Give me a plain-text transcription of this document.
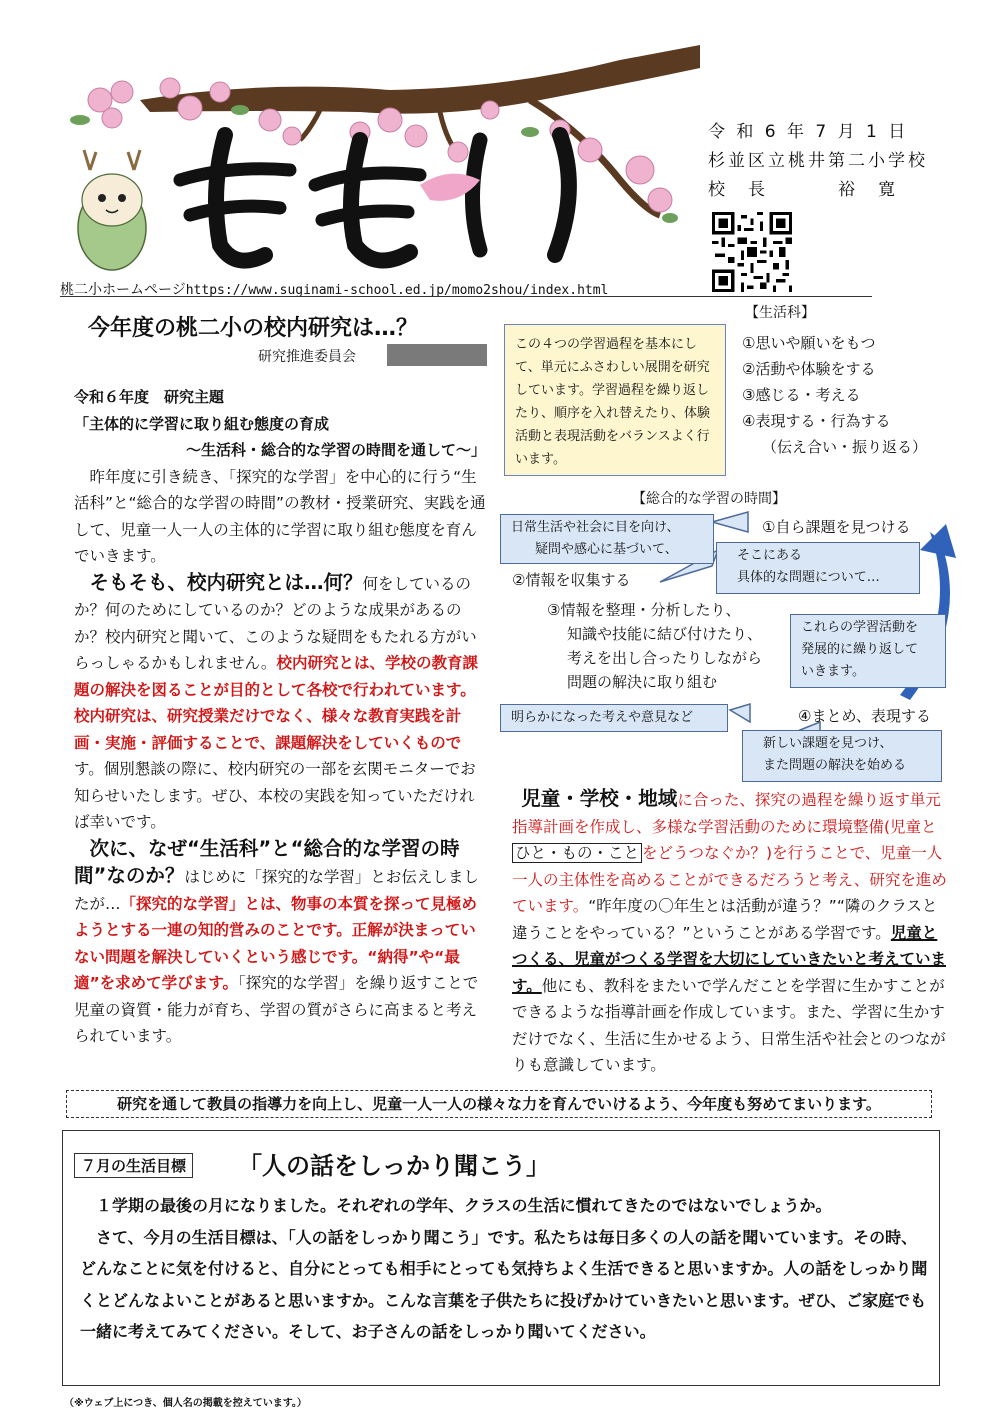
令 和 6 年 7 月 1 日
杉並区立桃井第二小学校
校　長	裕　寛
桃二小ホームページhttps://www.suginami-school.ed.jp/momo2shou/index.html
今年度の桃二小の校内研究は…？
研究推進委員会

令和６年度　研究主題

「主体的に学習に取り組む態度の育成

～生活科・総合的な学習の時間を通して～」

昨年度に引き続き、「探究的な学習」を中心的に行う“生活科”と“総合的な学習の時間”の教材・授業研究、実践を通して、児童一人一人の主体的に学習に取り組む態度を育んでいきます。

そもそも、校内研究とは…何？何をしているのか？何のためにしているのか？どのような成果があるのか？校内研究と聞いて、このような疑問をもたれる方がいらっしゃるかもしれません。校内研究とは、学校の教育課題の解決を図ることが目的として各校で行われています。校内研究は、研究授業だけでなく、様々な教育実践を計画・実施・評価することで、課題解決をしていくものです。個別懇談の際に、校内研究の一部を玄関モニターでお知らせいたします。ぜひ、本校の実践を知っていただければ幸いです。

次に、なぜ“生活科”と“総合的な学習の時間”なのか？はじめに「探究的な学習」とお伝えしましたが…「探究的な学習」とは、物事の本質を探って見極めようとする一連の知的営みのことです。正解が決まっていない問題を解決していくという感じです。“納得”や“最適”を求めて学びます。「探究的な学習」を繰り返すことで児童の資質・能力が育ち、学習の質がさらに高まると考えられています。

【生活科】
この４つの学習過程を基本にして、単元にふさわしい展開を研究しています。学習過程を繰り返したり、順序を入れ替えたり、体験活動と表現活動をバランスよく行います。
①思いや願いをもつ
②活動や体験をする
③感じる・考える
④表現する・行為する
（伝え合い・振り返る）
【総合的な学習の時間】
日常生活や社会に目を向け、
疑問や感心に基づいて、
①自ら課題を見つける
そこにある
具体的な問題について…
②情報を収集する
③情報を整理・分析したり、
知識や技能に結び付けたり、
考えを出し合ったりしながら
問題の解決に取り組む
これらの学習活動を
発展的に繰り返して
いきます。
明らかになった考えや意見など	④まとめ、表現する
新しい課題を見つけ、
また問題の解決を始める

児童・学校・地域に合った、探究の過程を繰り返す単元指導計画を作成し、多様な学習活動のために環境整備(児童とひと・もの・こと をどうつなぐか？)を行うことで、児童一人一人の主体性を高めることができるだろうと考え、研究を進めています。“昨年度の〇年生とは活動が違う？”“隣のクラスと違うことをやっている？”ということがある学習です。児童とつくる、児童がつくる学習を大切にしていきたいと考えています。他にも、教科をまたいで学んだことを学習に生かすことができるような指導計画を作成しています。また、学習に生かすだけでなく、生活に生かせるよう、日常生活や社会とのつながりも意識しています。

研究を通して教員の指導力を向上し、児童一人一人の様々な力を育んでいけるよう、今年度も努めてまいります。
７月の生活目標 「人の話をしっかり聞こう」

１学期の最後の月になりました。それぞれの学年、クラスの生活に慣れてきたのではないでしょうか。

さて、今月の生活目標は、「人の話をしっかり聞こう」です。私たちは毎日多くの人の話を聞いています。その時、どんなことに気を付けると、自分にとっても相手にとっても気持ちよく生活できると思いますか。人の話をしっかり聞くとどんなよいことがあると思いますか。こんな言葉を子供たちに投げかけていきたいと思います。ぜひ、ご家庭でも一緒に考えてみてください。そして、お子さんの話をしっかり聞いてください。

（※ウェブ上につき、個人名の掲載を控えています。）
